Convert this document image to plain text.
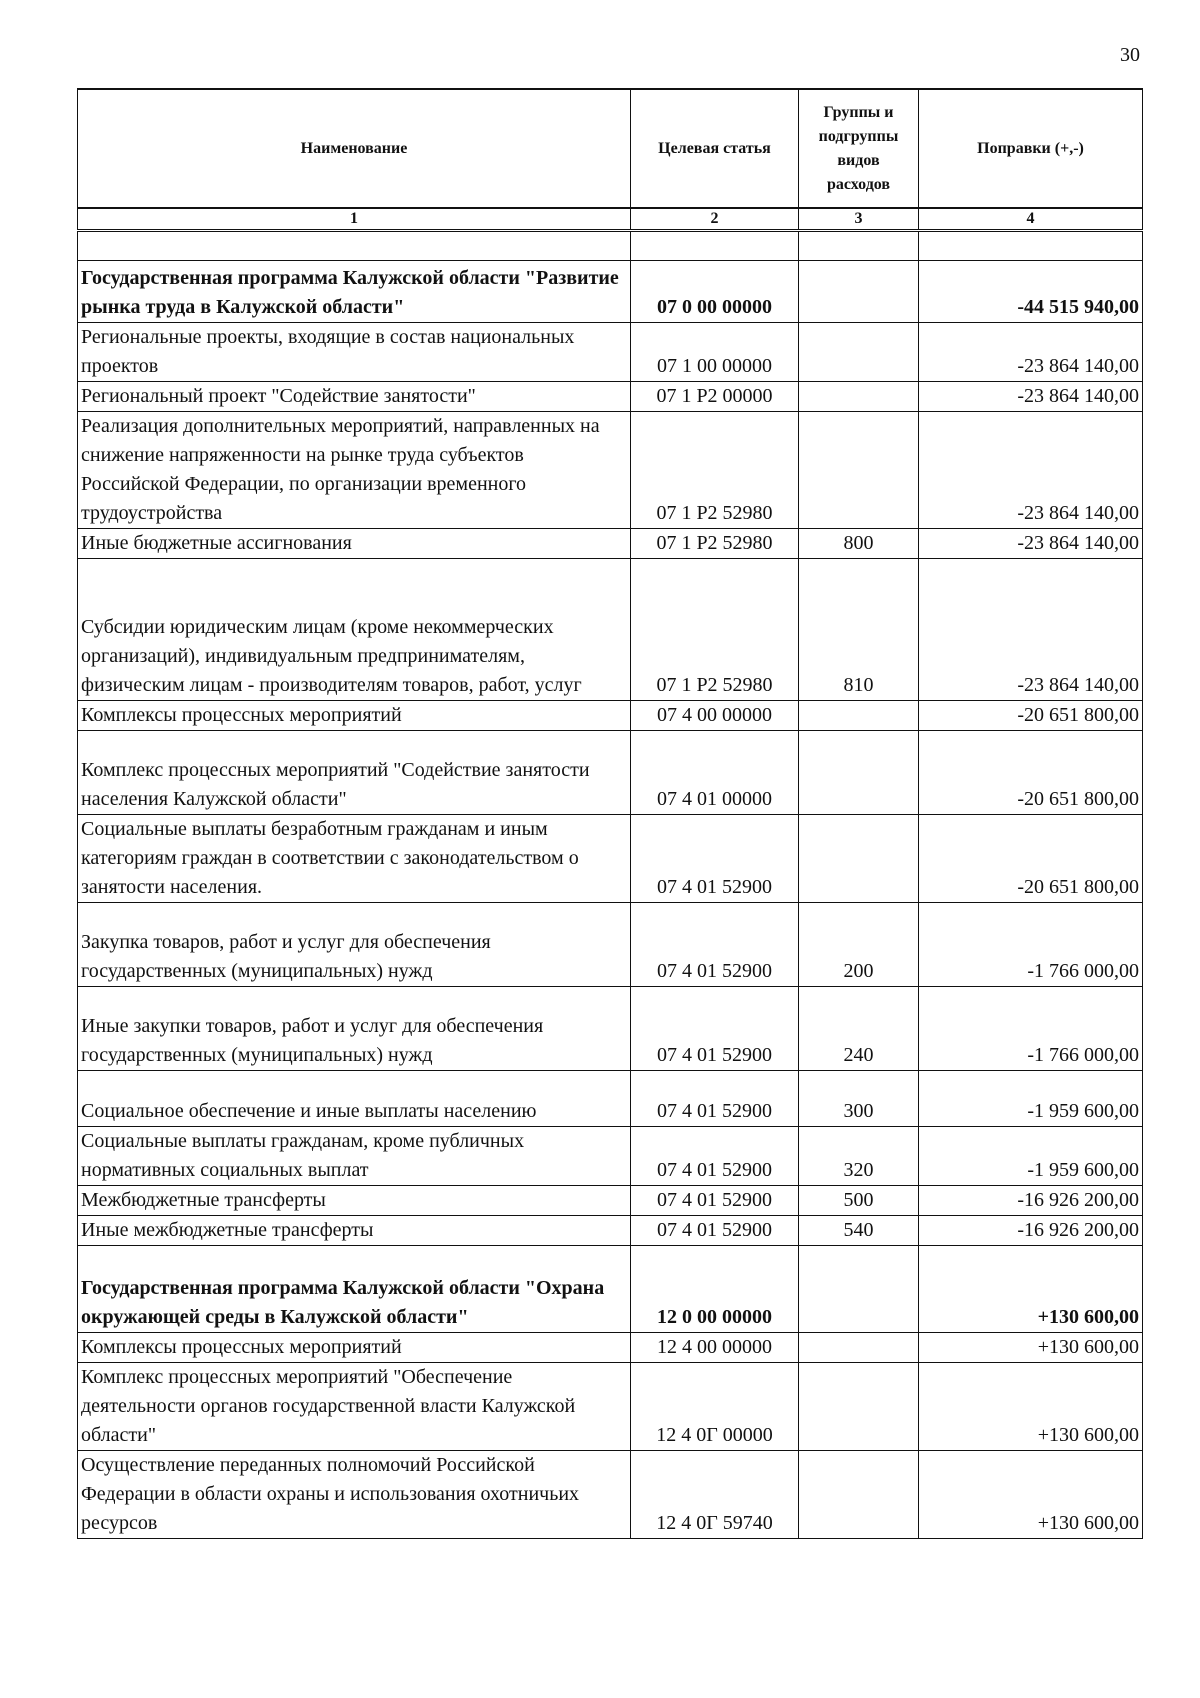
30
Наименование	Целевая статья	Группы и подгруппы видов расходов	Поправки (+,-)
1	2	3	4

Государственная программа Калужской области "Развитие рынка труда в Калужской области"	07 0 00 00000		-44 515 940,00
Региональные проекты, входящие в состав национальных проектов	07 1 00 00000		-23 864 140,00
Региональный проект "Содействие занятости"	07 1 Р2 00000		-23 864 140,00
Реализация дополнительных мероприятий, направленных на снижение напряженности на рынке труда субъектов Российской Федерации, по организации временного трудоустройства	07 1 Р2 52980		-23 864 140,00
Иные бюджетные ассигнования	07 1 Р2 52980	800	-23 864 140,00
Субсидии юридическим лицам (кроме некоммерческих организаций), индивидуальным предпринимателям, физическим лицам - производителям товаров, работ, услуг	07 1 Р2 52980	810	-23 864 140,00
Комплексы процессных мероприятий	07 4 00 00000		-20 651 800,00
Комплекс процессных мероприятий "Содействие занятости населения Калужской области"	07 4 01 00000		-20 651 800,00
Социальные выплаты безработным гражданам и иным категориям граждан в соответствии с законодательством о занятости населения.	07 4 01 52900		-20 651 800,00
Закупка товаров, работ и услуг для обеспечения государственных (муниципальных) нужд	07 4 01 52900	200	-1 766 000,00
Иные закупки товаров, работ и услуг для обеспечения государственных (муниципальных) нужд	07 4 01 52900	240	-1 766 000,00
Социальное обеспечение и иные выплаты населению	07 4 01 52900	300	-1 959 600,00
Социальные выплаты гражданам, кроме публичных нормативных социальных выплат	07 4 01 52900	320	-1 959 600,00
Межбюджетные трансферты	07 4 01 52900	500	-16 926 200,00
Иные межбюджетные трансферты	07 4 01 52900	540	-16 926 200,00
Государственная программа Калужской области "Охрана окружающей среды в Калужской области"	12 0 00 00000		+130 600,00
Комплексы процессных мероприятий	12 4 00 00000		+130 600,00
Комплекс процессных мероприятий "Обеспечение деятельности органов государственной власти Калужской области"	12 4 0Г 00000		+130 600,00
Осуществление переданных полномочий Российской Федерации в области охраны и использования охотничьих ресурсов	12 4 0Г 59740		+130 600,00
